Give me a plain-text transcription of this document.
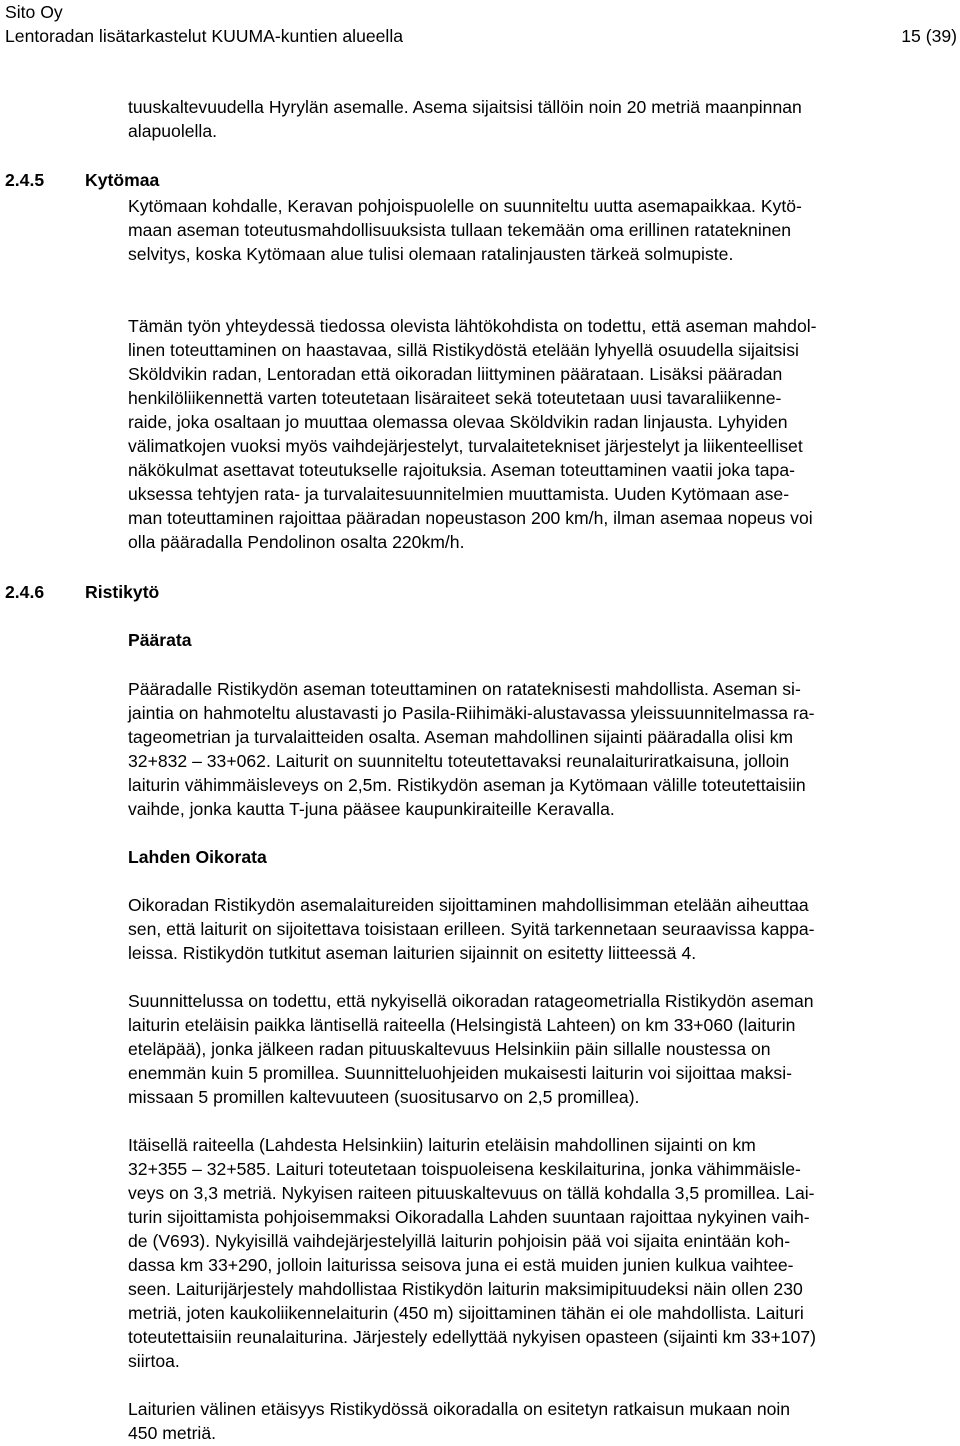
Sito Oy
Lentoradan lisätarkastelut KUUMA-kuntien alueella	15 (39)

tuuskaltevuudella Hyrylän asemalle. Asema sijaitsisi tällöin noin 20 metriä maanpinnan

alapuolella.

2.4.5 Kytömaa

Kytömaan kohdalle, Keravan pohjoispuolelle on suunniteltu uutta asemapaikkaa. Kytö-

maan aseman toteutusmahdollisuuksista tullaan tekemään oma erillinen ratatekninen

selvitys, koska Kytömaan alue tulisi olemaan ratalinjausten tärkeä solmupiste.

Tämän työn yhteydessä tiedossa olevista lähtökohdista on todettu, että aseman mahdol-

linen toteuttaminen on haastavaa, sillä Ristikydöstä etelään lyhyellä osuudella sijaitsisi

Sköldvikin radan, Lentoradan että oikoradan liittyminen päärataan. Lisäksi pääradan

henkilöliikennettä varten toteutetaan lisäraiteet sekä toteutetaan uusi tavaraliikenne-

raide, joka osaltaan jo muuttaa olemassa olevaa Sköldvikin radan linjausta. Lyhyiden

välimatkojen vuoksi myös vaihdejärjestelyt, turvalaitetekniset järjestelyt ja liikenteelliset

näkökulmat asettavat toteutukselle rajoituksia. Aseman toteuttaminen vaatii joka tapa-

uksessa tehtyjen rata- ja turvalaitesuunnitelmien muuttamista. Uuden Kytömaan ase-

man toteuttaminen rajoittaa pääradan nopeustason 200 km/h, ilman asemaa nopeus voi

olla pääradalla Pendolinon osalta 220km/h.

2.4.6 Ristikytö
Päärata

Pääradalle Ristikydön aseman toteuttaminen on ratateknisesti mahdollista. Aseman si-

jaintia on hahmoteltu alustavasti jo Pasila-Riihimäki-alustavassa yleissuunnitelmassa ra-

tageometrian ja turvalaitteiden osalta. Aseman mahdollinen sijainti pääradalla olisi km

32+832 – 33+062. Laiturit on suunniteltu toteutettavaksi reunalaituriratkaisuna, jolloin

laiturin vähimmäisleveys on 2,5m. Ristikydön aseman ja Kytömaan välille toteutettaisiin

vaihde, jonka kautta T-juna pääsee kaupunkiraiteille Keravalla.

Lahden Oikorata

Oikoradan Ristikydön asemalaitureiden sijoittaminen mahdollisimman etelään aiheuttaa

sen, että laiturit on sijoitettava toisistaan erilleen. Syitä tarkennetaan seuraavissa kappa-

leissa. Ristikydön tutkitut aseman laiturien sijainnit on esitetty liitteessä 4.

Suunnittelussa on todettu, että nykyisellä oikoradan ratageometrialla Ristikydön aseman

laiturin eteläisin paikka läntisellä raiteella (Helsingistä Lahteen) on km 33+060 (laiturin

eteläpää), jonka jälkeen radan pituuskaltevuus Helsinkiin päin sillalle noustessa on

enemmän kuin 5 promillea. Suunnitteluohjeiden mukaisesti laiturin voi sijoittaa maksi-

missaan 5 promillen kaltevuuteen (suositusarvo on 2,5 promillea).

Itäisellä raiteella (Lahdesta Helsinkiin) laiturin eteläisin mahdollinen sijainti on km

32+355 – 32+585. Laituri toteutetaan toispuoleisena keskilaiturina, jonka vähimmäisle-

veys on 3,3 metriä. Nykyisen raiteen pituuskaltevuus on tällä kohdalla 3,5 promillea. Lai-

turin sijoittamista pohjoisemmaksi Oikoradalla Lahden suuntaan rajoittaa nykyinen vaih-

de (V693). Nykyisillä vaihdejärjestelyillä laiturin pohjoisin pää voi sijaita enintään koh-

dassa km 33+290, jolloin laiturissa seisova juna ei estä muiden junien kulkua vaihteе-

seen. Laiturijärjestely mahdollistaa Ristikydön laiturin maksimipituudeksi näin ollen 230

metriä, joten kaukoliikennelaiturin (450 m) sijoittaminen tähän ei ole mahdollista. Laituri

toteutettaisiin reunalaiturina. Järjestely edellyttää nykyisen opasteen (sijainti km 33+107)

siirtoa.

Laiturien välinen etäisyys Ristikydössä oikoradalla on esitetyn ratkaisun mukaan noin

450 metriä.
